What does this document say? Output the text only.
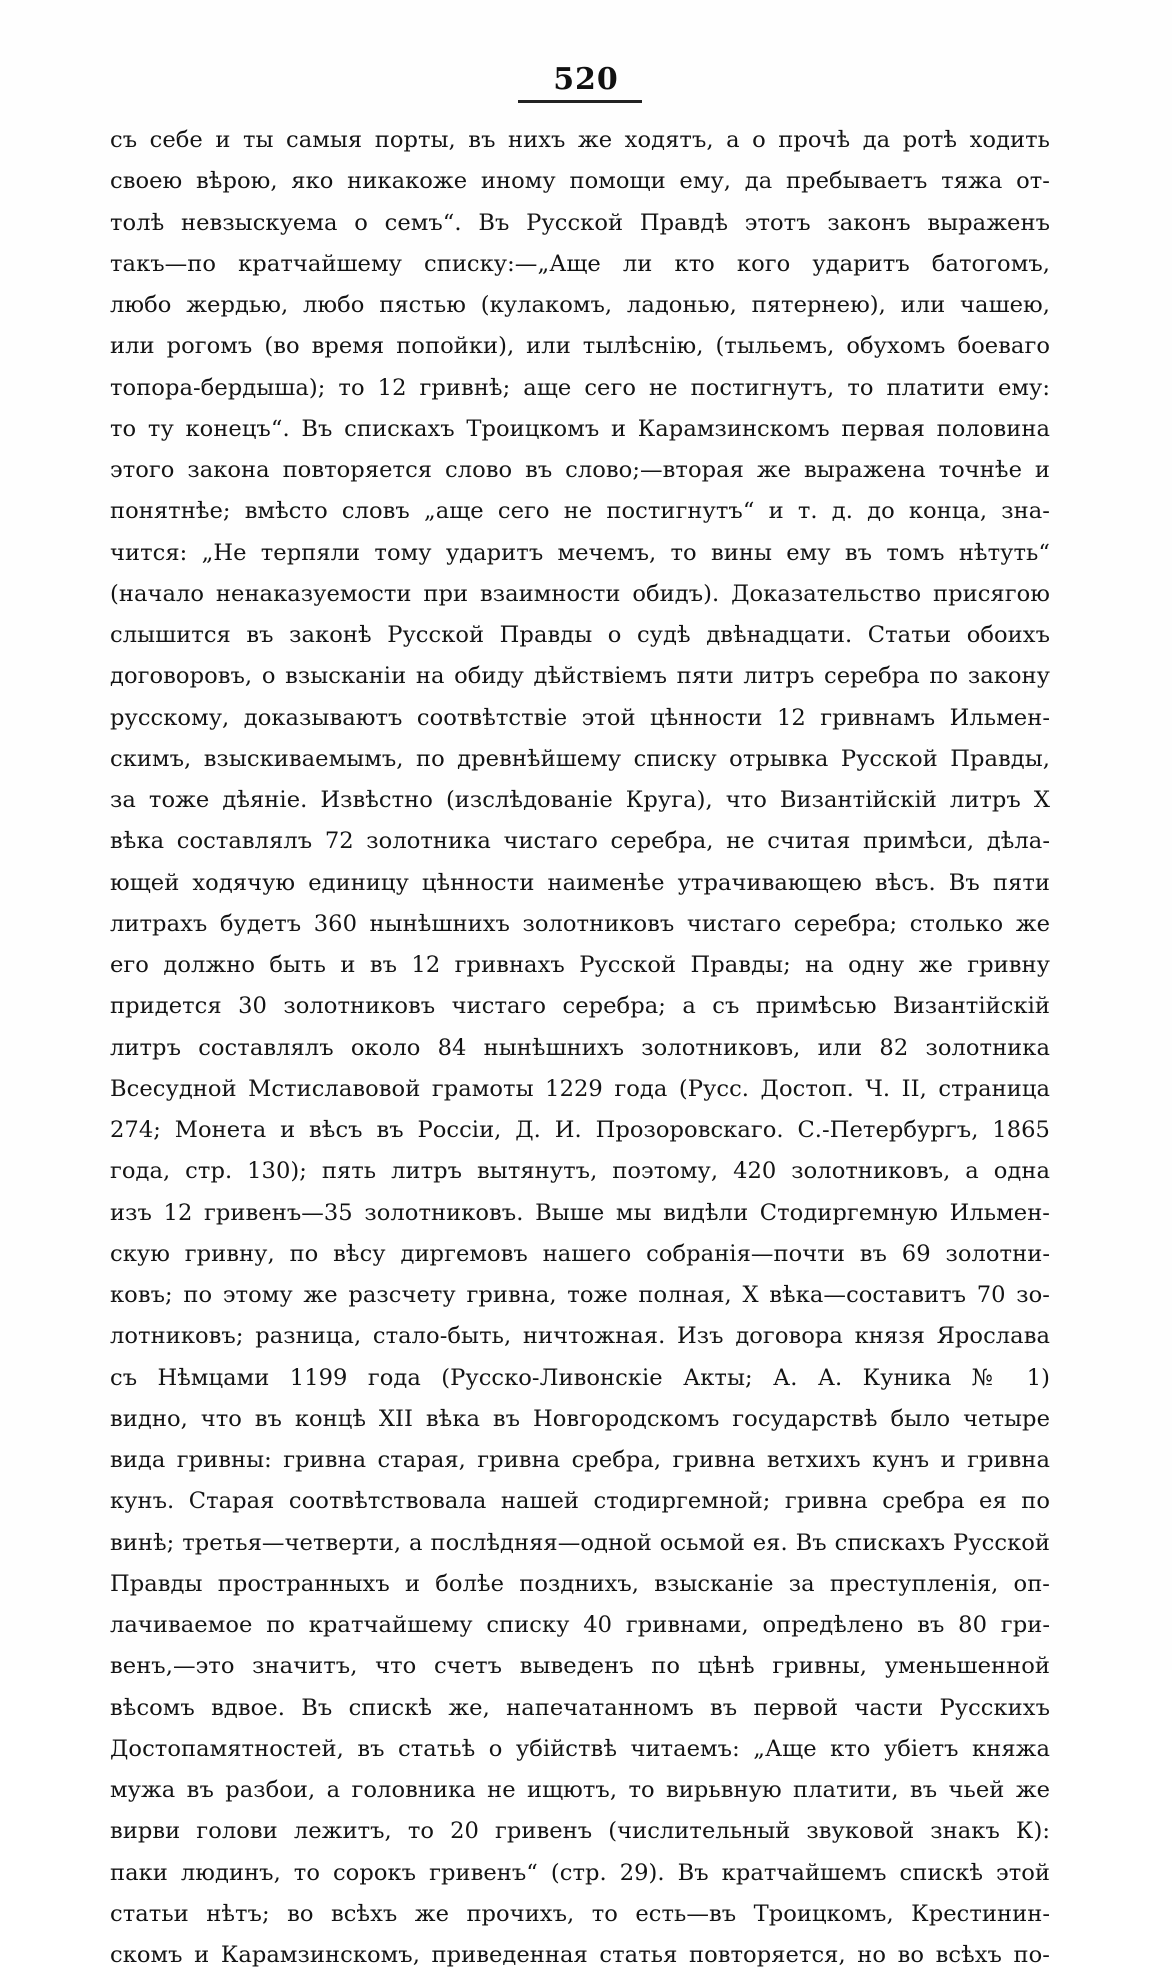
520
съ себе и ты самыя порты, въ нихъ же ходятъ, а о прочѣ да ротѣ ходить
своею вѣрою, яко никакоже иному помощи ему, да пребываетъ тяжа от-
толѣ невзыскуема о семъ“. Въ Русской Правдѣ этотъ законъ выраженъ
такъ—по кратчайшему списку:—„Аще ли кто кого ударитъ батогомъ,
любо жердью, любо пястью (кулакомъ, ладонью, пятернею), или чашею,
или рогомъ (во время попойки), или тылѣснію, (тыльемъ, обухомъ боеваго
топора-бердыша); то 12 гривнѣ; аще сего не постигнутъ, то платити ему:
то ту конецъ“. Въ спискахъ Троицкомъ и Карамзинскомъ первая половина
этого закона повторяется слово въ слово;—вторая же выражена точнѣе и
понятнѣе; вмѣсто словъ „аще сего не постигнутъ“ и т. д. до конца, зна-
чится: „Не терпяли тому ударитъ мечемъ, то вины ему въ томъ нѣтуть“
(начало ненаказуемости при взаимности обидъ). Доказательство присягою
слышится въ законѣ Русской Правды о судѣ двѣнадцати. Статьи обоихъ
договоровъ, о взысканіи на обиду дѣйствіемъ пяти литръ серебра по закону
русскому, доказываютъ соотвѣтствіе этой цѣнности 12 гривнамъ Ильмен-
скимъ, взыскиваемымъ, по древнѣйшему списку отрывка Русской Правды,
за тоже дѣяніе. Извѣстно (изслѣдованіе Круга), что Византійскій литръ X
вѣка составлялъ 72 золотника чистаго серебра, не считая примѣси, дѣла-
ющей ходячую единицу цѣнности наименѣе утрачивающею вѣсъ. Въ пяти
литрахъ будетъ 360 нынѣшнихъ золотниковъ чистаго серебра; столько же
его должно быть и въ 12 гривнахъ Русской Правды; на одну же гривну
придется 30 золотниковъ чистаго серебра; а съ примѣсью Византійскій
литръ составлялъ около 84 нынѣшнихъ золотниковъ, или 82 золотника
Всесудной Мстиславовой грамоты 1229 года (Русс. Достоп. Ч. II, страница
274; Монета и вѣсъ въ Россіи, Д. И. Прозоровскаго. С.-Петербургъ, 1865
года, стр. 130); пять литръ вытянутъ, поэтому, 420 золотниковъ, а одна
изъ 12 гривенъ—35 золотниковъ. Выше мы видѣли Стодиргемную Ильмен-
скую гривну, по вѣсу диргемовъ нашего собранія—почти въ 69 золотни-
ковъ; по этому же разсчету гривна, тоже полная, X вѣка—составитъ 70 зо-
лотниковъ; разница, стало-быть, ничтожная. Изъ договора князя Ярослава
съ Нѣмцами 1199 года (Русско-Ливонскіе Акты; А. А. Куника № 1)
видно, что въ концѣ XII вѣка въ Новгородскомъ государствѣ было четыре
вида гривны: гривна старая, гривна сребра, гривна ветхихъ кунъ и гривна
кунъ. Старая соотвѣтствовала нашей стодиргемной; гривна сребра ея по
винѣ; третья—четверти, а послѣдняя—одной осьмой ея. Въ спискахъ Русской
Правды пространныхъ и болѣе позднихъ, взысканіе за преступленія, оп-
лачиваемое по кратчайшему списку 40 гривнами, опредѣлено въ 80 гри-
венъ,—это значитъ, что счетъ выведенъ по цѣнѣ гривны, уменьшенной
вѣсомъ вдвое. Въ спискѣ же, напечатанномъ въ первой части Русскихъ
Достопамятностей, въ статьѣ о убійствѣ читаемъ: „Аще кто убіетъ княжа
мужа въ разбои, а головника не ищютъ, то вирьвную платити, въ чьей же
вирви голови лежитъ, то 20 гривенъ (числительный звуковой знакъ К):
паки людинъ, то сорокъ гривенъ“ (стр. 29). Въ кратчайшемъ спискѣ этой
статьи нѣтъ; во всѣхъ же прочихъ, то есть—въ Троицкомъ, Крестинин-
скомъ и Карамзинскомъ, приведенная статья повторяется, но во всѣхъ по-
